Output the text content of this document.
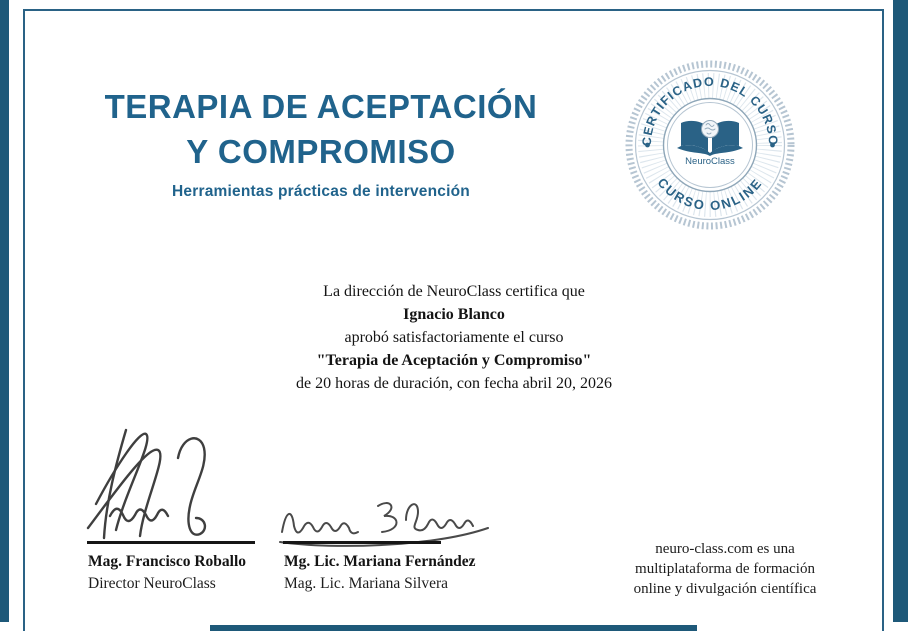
TERAPIA DE ACEPTACIÓN
Y COMPROMISO
Herramientas prácticas de intervención
CERTIFICADO DEL CURSO
CURSO ONLINE
NeuroClass
La dirección de NeuroClass certifica que
Ignacio Blanco
aprobó satisfactoriamente el curso
"Terapia de Aceptación y Compromiso"
de 20 horas de duración, con fecha abril 20, 2026
Mag. Francisco Roballo
Director NeuroClass
Mg. Lic. Mariana Fernández
Mag. Lic. Mariana Silvera
neuro-class.com es una
multiplataforma de formación
online y divulgación científica
